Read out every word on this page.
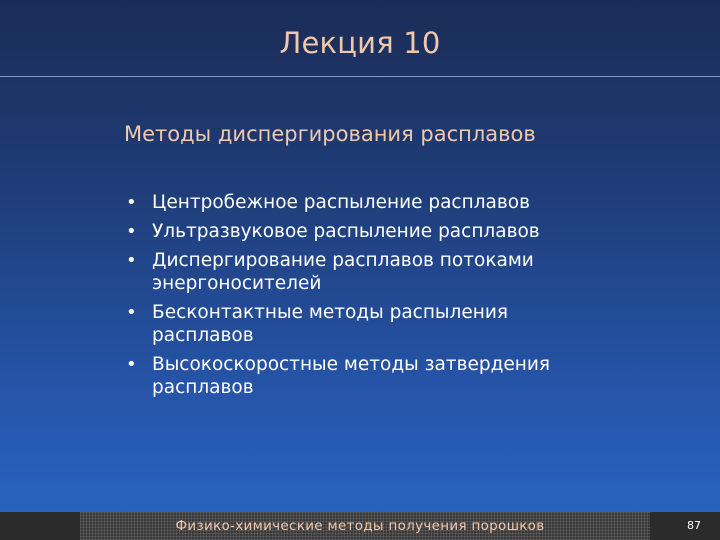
Лекция 10
Методы диспергирования расплавов
• Центробежное распыление расплавов
• Ультразвуковое распыление расплавов
• Диспергирование расплавов потоками энергоносителей
• Бесконтактные методы распыления расплавов
• Высокоскоростные методы затвердения расплавов
Физико-химические методы получения порошков	87
